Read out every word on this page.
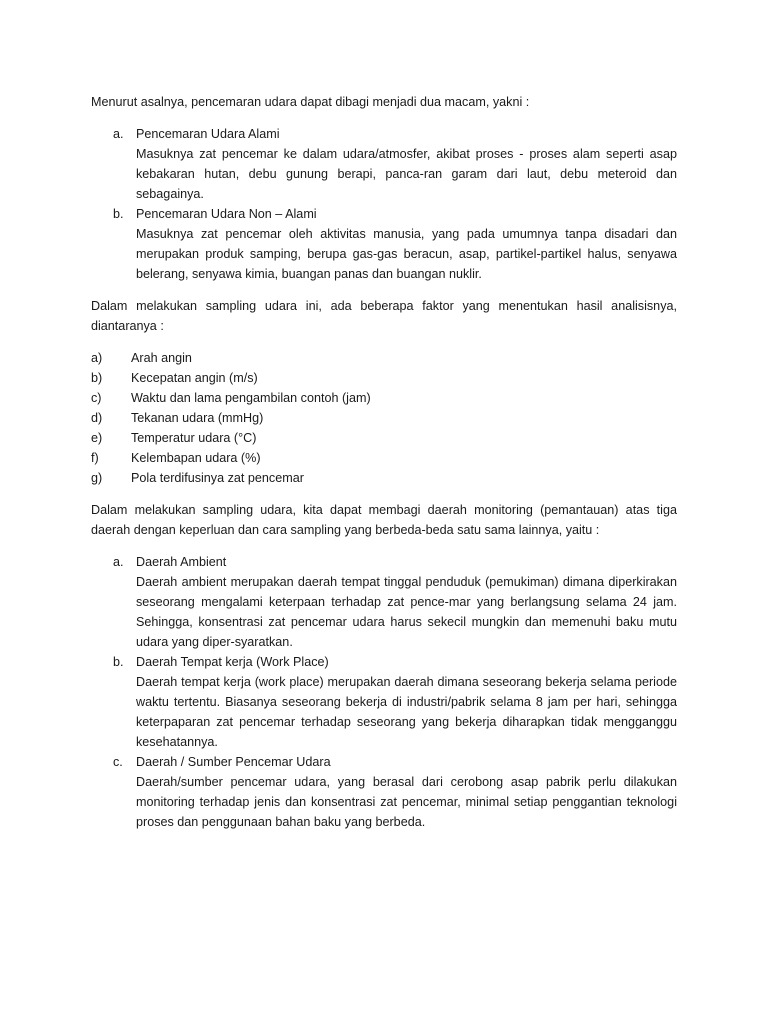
Menurut asalnya, pencemaran udara dapat dibagi menjadi dua macam, yakni :

a. Pencemaran Udara Alami
Masuknya zat pencemar ke dalam udara/atmosfer, akibat proses - proses alam seperti asap kebakaran hutan, debu gunung berapi, panca-ran garam dari laut, debu meteroid dan sebagainya.
b. Pencemaran Udara Non – Alami
Masuknya zat pencemar oleh aktivitas manusia, yang pada umumnya tanpa disadari dan merupakan produk samping, berupa gas-gas beracun, asap, partikel-partikel halus, senyawa belerang, senyawa kimia, buangan panas dan buangan nuklir.

Dalam melakukan sampling udara ini, ada beberapa faktor yang menentukan hasil analisisnya, diantaranya :

a) Arah angin
b) Kecepatan angin (m/s)
c) Waktu dan lama pengambilan contoh (jam)
d) Tekanan udara (mmHg)
e) Temperatur udara (°C)
f)	Kelembapan udara (%)
g) Pola terdifusinya zat pencemar

Dalam melakukan sampling udara, kita dapat membagi daerah monitoring (pemantauan) atas tiga daerah dengan keperluan dan cara sampling yang berbeda-beda satu sama lainnya, yaitu :

a. Daerah Ambient
Daerah ambient merupakan daerah tempat tinggal penduduk (pemukiman) dimana diperkirakan seseorang mengalami keterpaan terhadap zat pence-mar yang berlangsung selama 24 jam. Sehingga, konsentrasi zat pencemar udara harus sekecil mungkin dan memenuhi baku mutu udara yang diper-syaratkan.
b. Daerah Tempat kerja (Work Place)
Daerah tempat kerja (work place) merupakan daerah dimana seseorang bekerja selama periode waktu tertentu. Biasanya seseorang bekerja di industri/pabrik selama 8 jam per hari, sehingga keterpaparan zat pencemar terhadap seseorang yang bekerja diharapkan tidak mengganggu kesehatannya.
c. Daerah / Sumber Pencemar Udara
Daerah/sumber pencemar udara, yang berasal dari cerobong asap pabrik perlu dilakukan monitoring terhadap jenis dan konsentrasi zat pencemar, minimal setiap penggantian teknologi proses dan penggunaan bahan baku yang berbeda.
